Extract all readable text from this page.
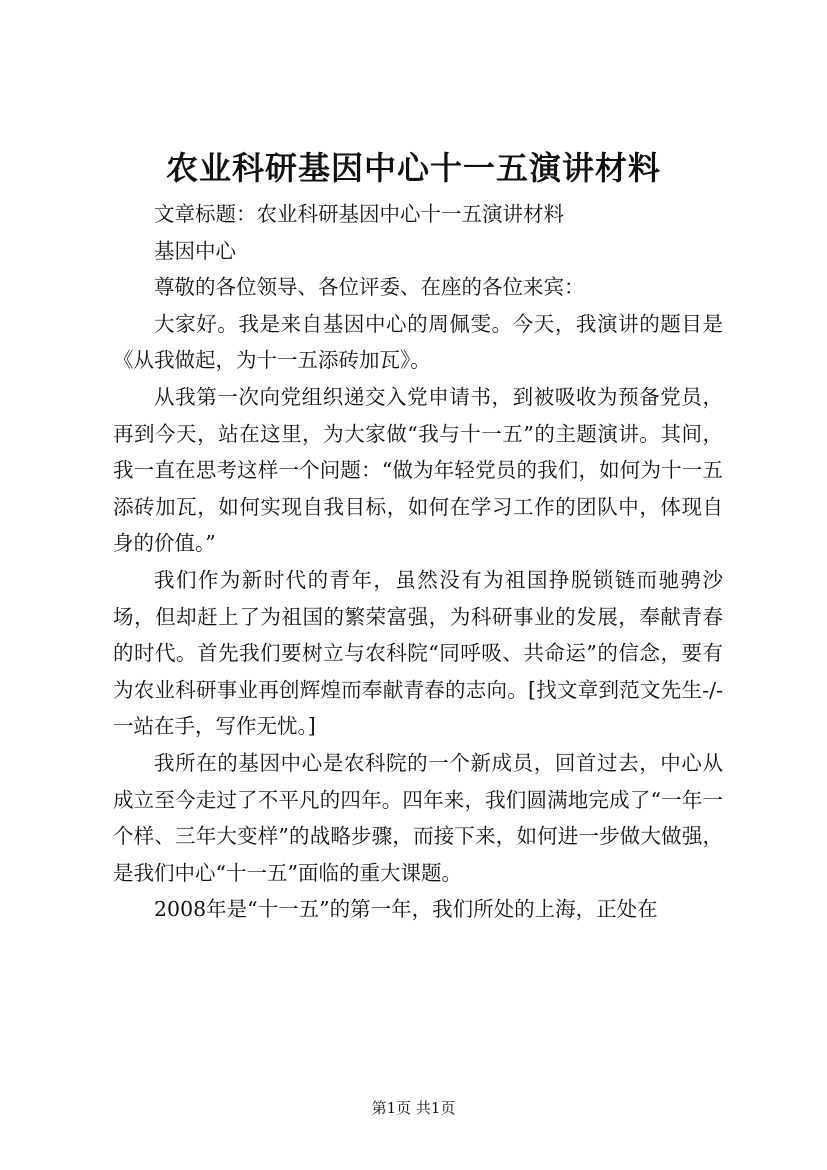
农业科研基因中心十一五演讲材料

文章标题：农业科研基因中心十一五演讲材料

基因中心

尊敬的各位领导、各位评委、在座的各位来宾：

大家好。我是来自基因中心的周佩雯。今天，我演讲的题目是《从我做起，为十一五添砖加瓦》。

从我第一次向党组织递交入党申请书，到被吸收为预备党员，再到今天，站在这里，为大家做“我与十一五”的主题演讲。其间，我一直在思考这样一个问题：“做为年轻党员的我们，如何为十一五添砖加瓦，如何实现自我目标，如何在学习工作的团队中，体现自身的价值。”

我们作为新时代的青年，虽然没有为祖国挣脱锁链而驰骋沙场，但却赶上了为祖国的繁荣富强，为科研事业的发展，奉献青春的时代。首先我们要树立与农科院“同呼吸、共命运”的信念，要有为农业科研事业再创辉煌而奉献青春的志向。[找文章到范文先生-/-一站在手，写作无忧。]

我所在的基因中心是农科院的一个新成员，回首过去，中心从成立至今走过了不平凡的四年。四年来，我们圆满地完成了“一年一个样、三年大变样”的战略步骤，而接下来，如何进一步做大做强，是我们中心“十一五”面临的重大课题。

2008年是“十一五”的第一年，我们所处的上海，正处在

第1页 共1页
